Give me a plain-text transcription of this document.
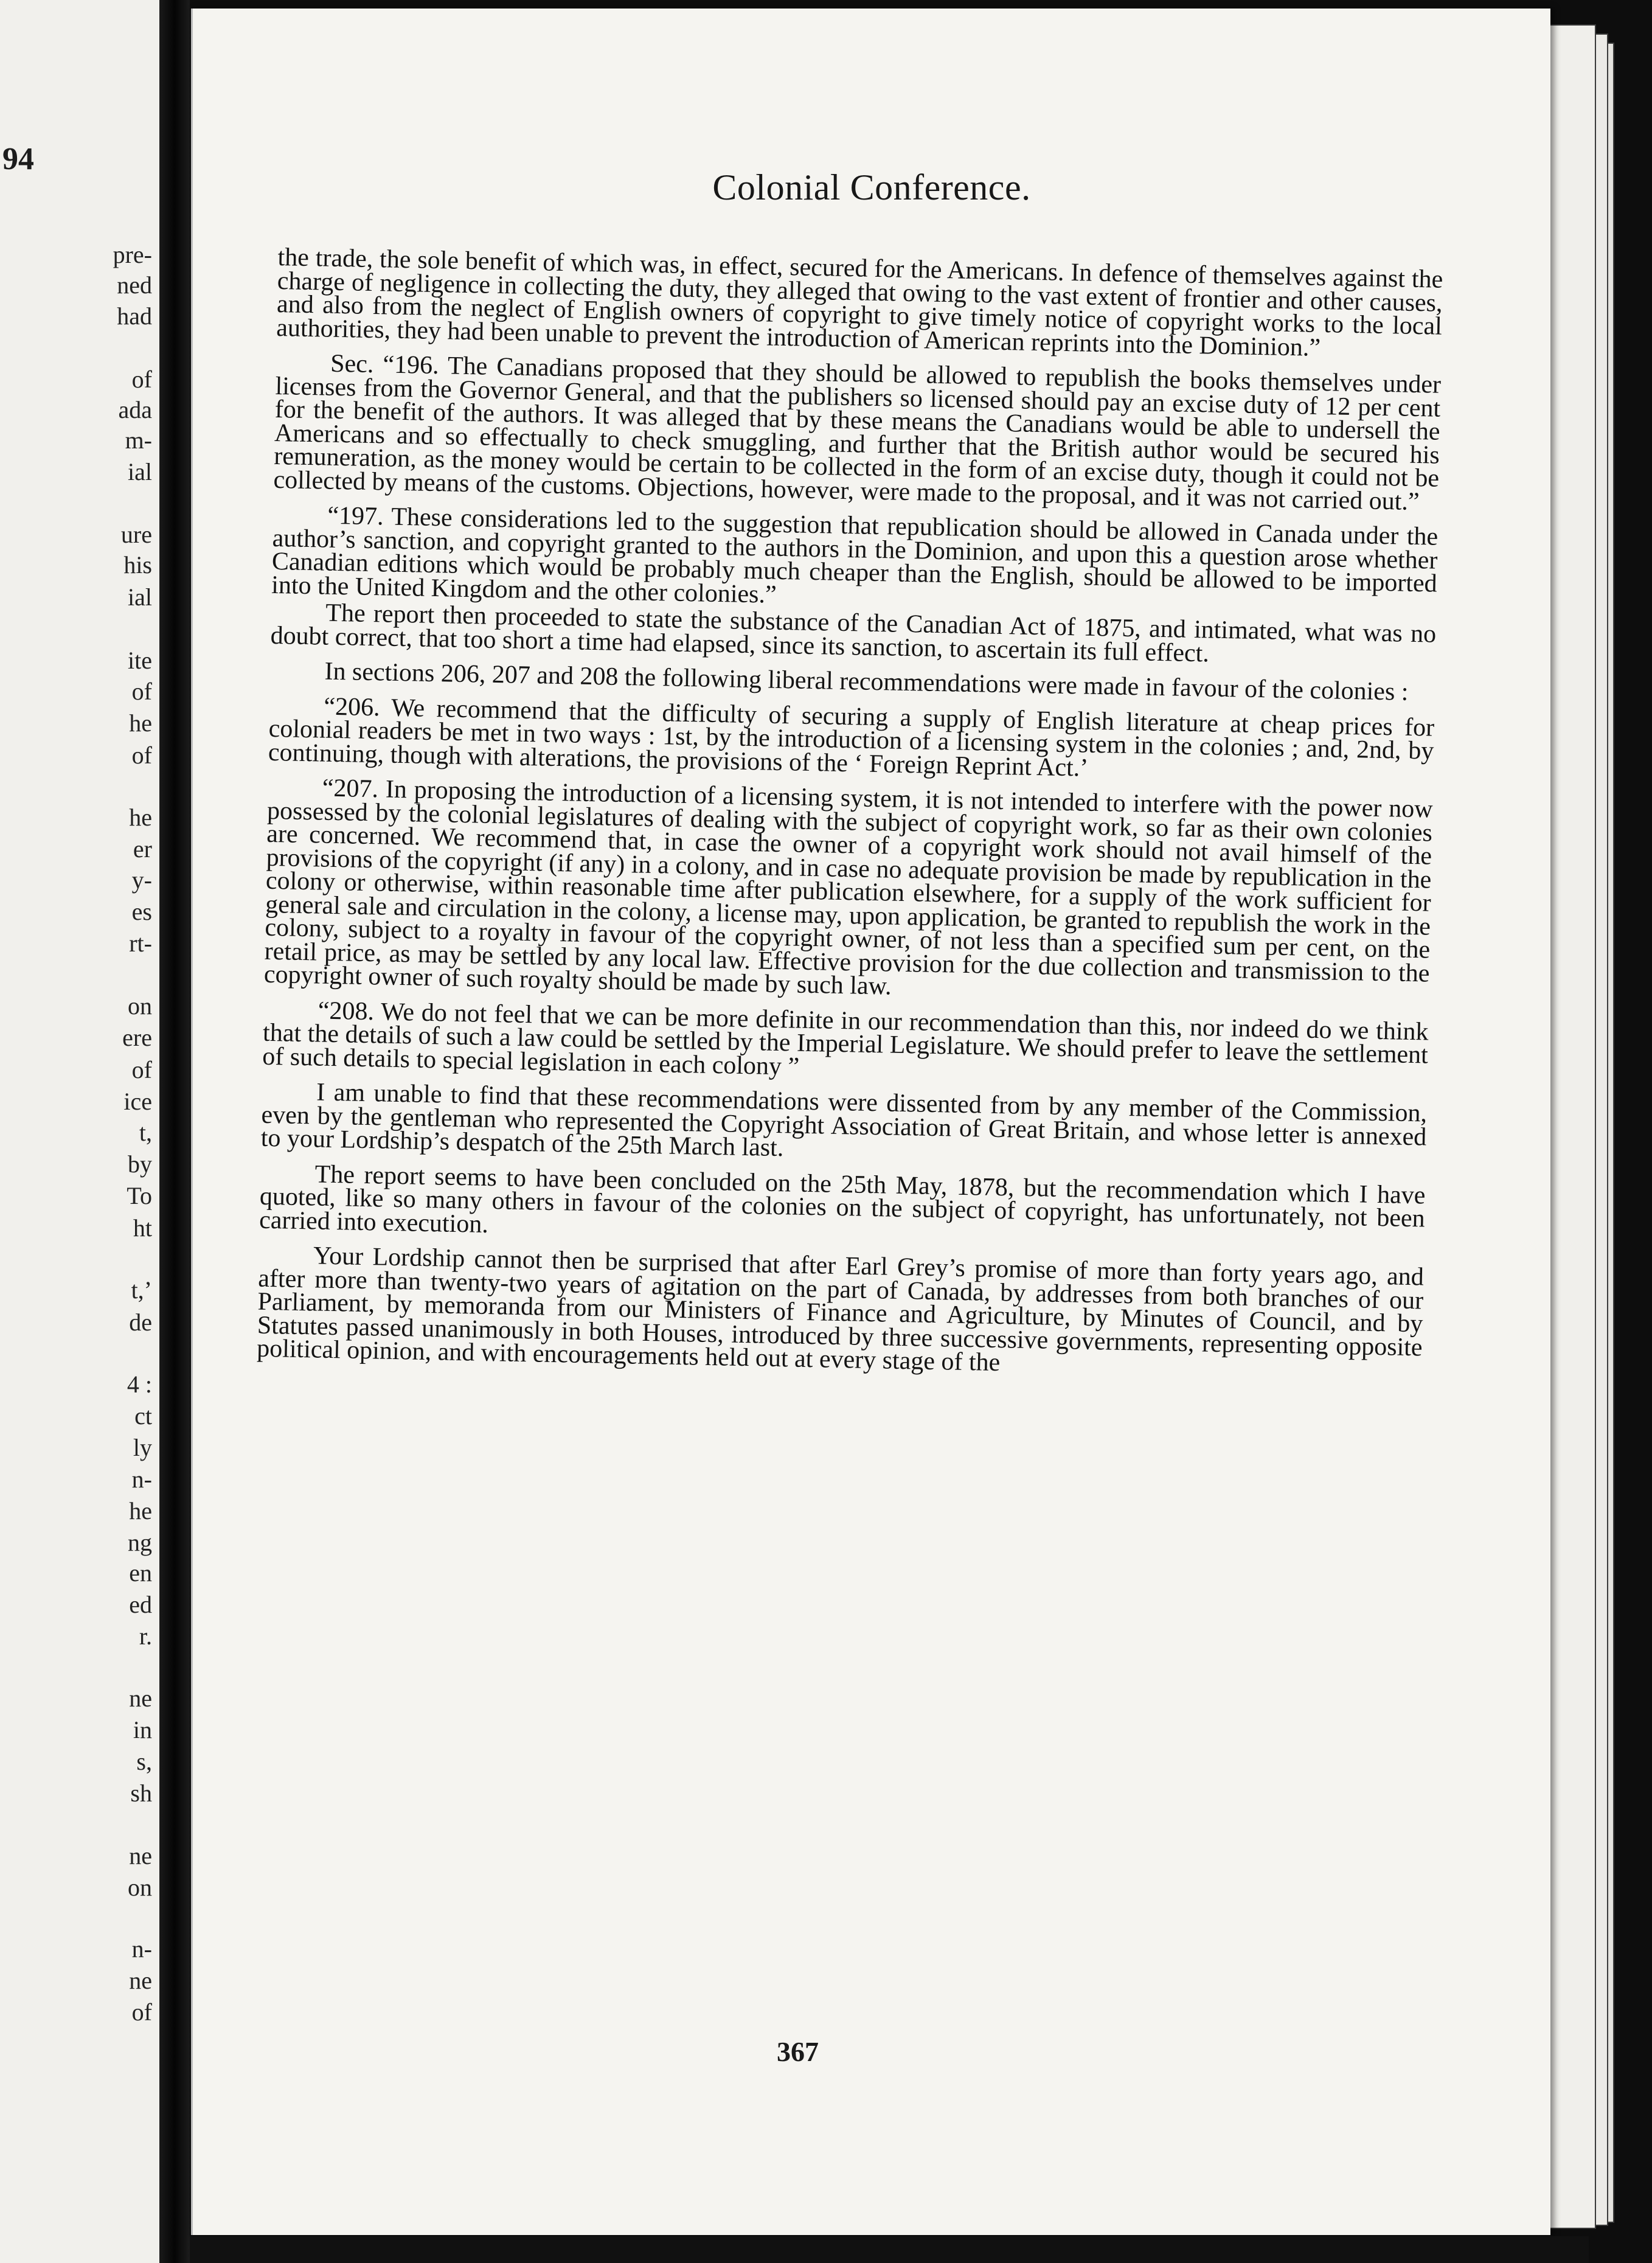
94
pre-
ned
had
of
ada
m-
ial
ure
his
ial
ite
of
he
of
he
er
y-
es
rt-
on
ere
of
ice
t,
by
To
ht
t,’
de
4 :
ct
ly
n-
he
ng
en
ed
r.
ne
in
s,
sh
ne
on
n-
ne
of
Colonial Conference.

the trade, the sole benefit of which was, in effect, secured for the Americans. In defence of themselves against the charge of negligence in collecting the duty, they alleged that owing to the vast extent of frontier and other causes, and also from the neglect of English owners of copyright to give timely notice of copyright works to the local authorities, they had been unable to prevent the introduction of American reprints into the Dominion.”

Sec. “196. The Canadians proposed that they should be allowed to republish the books themselves under licenses from the Governor General, and that the publishers so licensed should pay an excise duty of 12 per cent for the benefit of the authors. It was alleged that by these means the Canadians would be able to undersell the Americans and so effectually to check smuggling, and further that the British author would be secured his remuneration, as the money would be certain to be collected in the form of an excise duty, though it could not be collected by means of the customs. Objections, however, were made to the proposal, and it was not carried out.”

“197. These considerations led to the suggestion that republication should be allowed in Canada under the author’s sanction, and copyright granted to the authors in the Dominion, and upon this a question arose whether Canadian editions which would be probably much cheaper than the English, should be allowed to be imported into the United Kingdom and the other colonies.”

The report then proceeded to state the substance of the Canadian Act of 1875, and intimated, what was no doubt correct, that too short a time had elapsed, since its sanction, to ascertain its full effect.

In sections 206, 207 and 208 the following liberal recommendations were made in favour of the colonies :

“206. We recommend that the difficulty of securing a supply of English literature at cheap prices for colonial readers be met in two ways : 1st, by the introduction of a licensing system in the colonies ; and, 2nd, by continuing, though with alterations, the provisions of the ‘ Foreign Reprint Act.’

“207. In proposing the introduction of a licensing system, it is not intended to interfere with the power now possessed by the colonial legislatures of dealing with the subject of copyright work, so far as their own colonies are concerned. We recommend that, in case the owner of a copyright work should not avail himself of the provisions of the copyright (if any) in a colony, and in case no adequate provision be made by republication in the colony or otherwise, within reasonable time after publication elsewhere, for a supply of the work sufficient for general sale and circulation in the colony, a license may, upon application, be granted to republish the work in the colony, subject to a royalty in favour of the copyright owner, of not less than a specified sum per cent, on the retail price, as may be settled by any local law. Effective provision for the due collection and transmission to the copyright owner of such royalty should be made by such law.

“208. We do not feel that we can be more definite in our recommendation than this, nor indeed do we think that the details of such a law could be settled by the Imperial Legislature. We should prefer to leave the settlement of such details to special legislation in each colony ”

I am unable to find that these recommendations were dissented from by any member of the Commission, even by the gentleman who represented the Copyright Association of Great Britain, and whose letter is annexed to your Lordship’s despatch of the 25th March last.

The report seems to have been concluded on the 25th May, 1878, but the recommendation which I have quoted, like so many others in favour of the colonies on the subject of copyright, has unfortunately, not been carried into execution.

Your Lordship cannot then be surprised that after Earl Grey’s promise of more than forty years ago, and after more than twenty-two years of agitation on the part of Canada, by addresses from both branches of our Parliament, by memoranda from our Ministers of Finance and Agriculture, by Minutes of Council, and by Statutes passed unanimously in both Houses, introduced by three successive governments, representing opposite political opinion, and with encouragements held out at every stage of the

367
